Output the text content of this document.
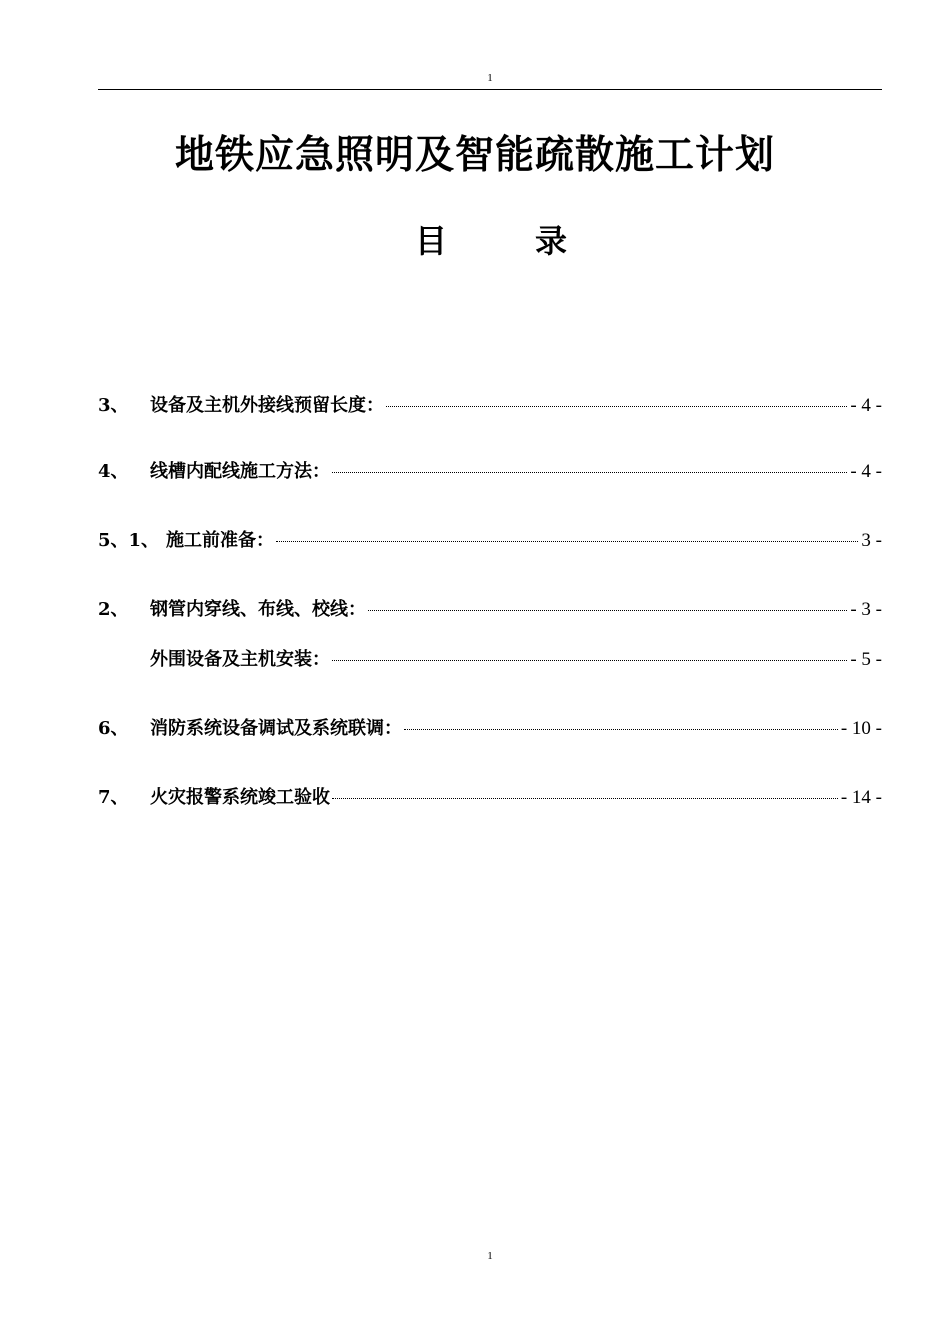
1
地铁应急照明及智能疏散施工计划
目	录
3、 设备及主机外接线预留长度：	- 4 -
4、 线槽内配线施工方法：	- 4 -
5、1、 施工前准备：	3 -
2、 钢管内穿线、布线、校线：	- 3 -
外围设备及主机安装：	- 5 -
6、 消防系统设备调试及系统联调：	- 10 -
7、 火灾报警系统竣工验收	- 14 -
1
